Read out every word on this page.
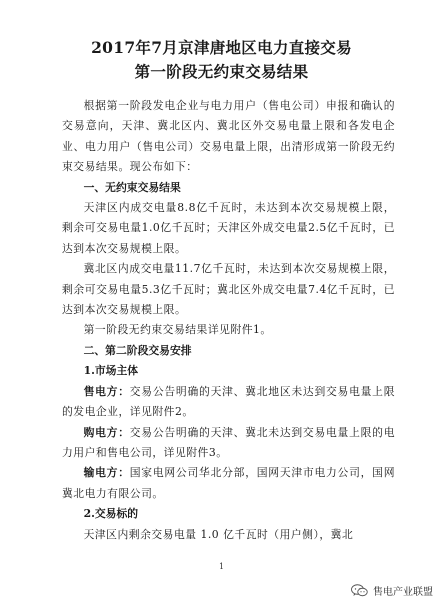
2017年7月京津唐地区电力直接交易
第一阶段无约束交易结果

根据第一阶段发电企业与电力用户（售电公司）申报和确认的交易意向，天津、冀北区内、冀北区外交易电量上限和各发电企业、电力用户（售电公司）交易电量上限，出清形成第一阶段无约束交易结果。现公布如下：

一、无约束交易结果

天津区内成交电量8.8亿千瓦时，未达到本次交易规模上限，剩余可交易电量1.0亿千瓦时；天津区外成交电量2.5亿千瓦时，已达到本次交易规模上限。

冀北区内成交电量11.7亿千瓦时，未达到本次交易规模上限，剩余可交易电量5.3亿千瓦时；冀北区外成交电量7.4亿千瓦时，已达到本次交易规模上限。

第一阶段无约束交易结果详见附件1。

二、第二阶段交易安排

1.市场主体

售电方：交易公告明确的天津、冀北地区未达到交易电量上限的发电企业，详见附件2。

购电方：交易公告明确的天津、冀北未达到交易电量上限的电力用户和售电公司，详见附件3。

输电方：国家电网公司华北分部，国网天津市电力公司，国网冀北电力有限公司。

2.交易标的

天津区内剩余交易电量 1.0 亿千瓦时（用户侧），冀北

1
售电产业联盟
